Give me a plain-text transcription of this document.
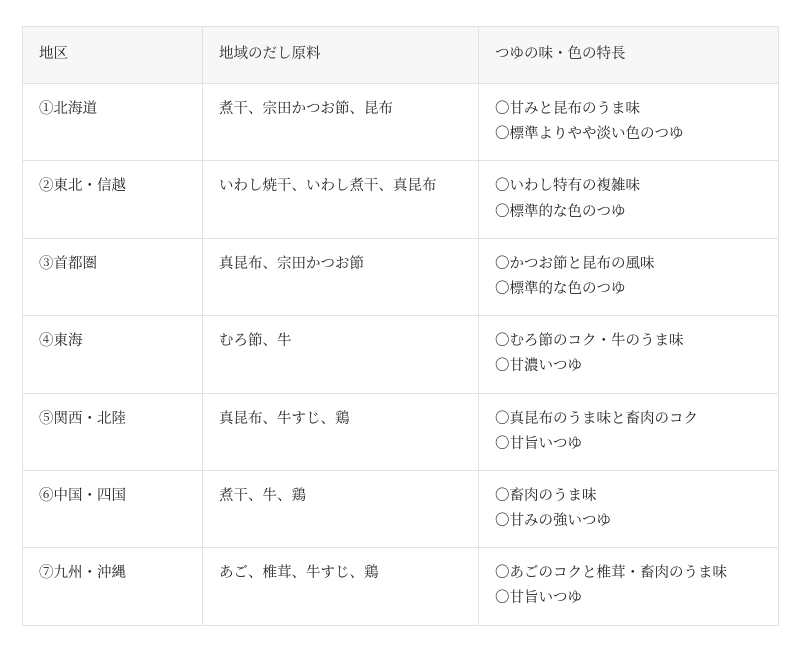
地区	地域のだし原料	つゆの味・色の特長
①北海道	煮干、宗田かつお節、昆布	〇甘みと昆布のうま味
〇標準よりやや淡い色のつゆ

②東北・信越	いわし焼干、いわし煮干、真昆布	〇いわし特有の複雑味
〇標準的な色のつゆ

③首都圏	真昆布、宗田かつお節	〇かつお節と昆布の風味
〇標準的な色のつゆ

④東海	むろ節、牛	〇むろ節のコク・牛のうま味
〇甘濃いつゆ

⑤関西・北陸	真昆布、牛すじ、鶏	〇真昆布のうま味と畜肉のコク
〇甘旨いつゆ

⑥中国・四国	煮干、牛、鶏	〇畜肉のうま味
〇甘みの強いつゆ

⑦九州・沖縄	あご、椎茸、牛すじ、鶏	〇あごのコクと椎茸・畜肉のうま味
〇甘旨いつゆ
